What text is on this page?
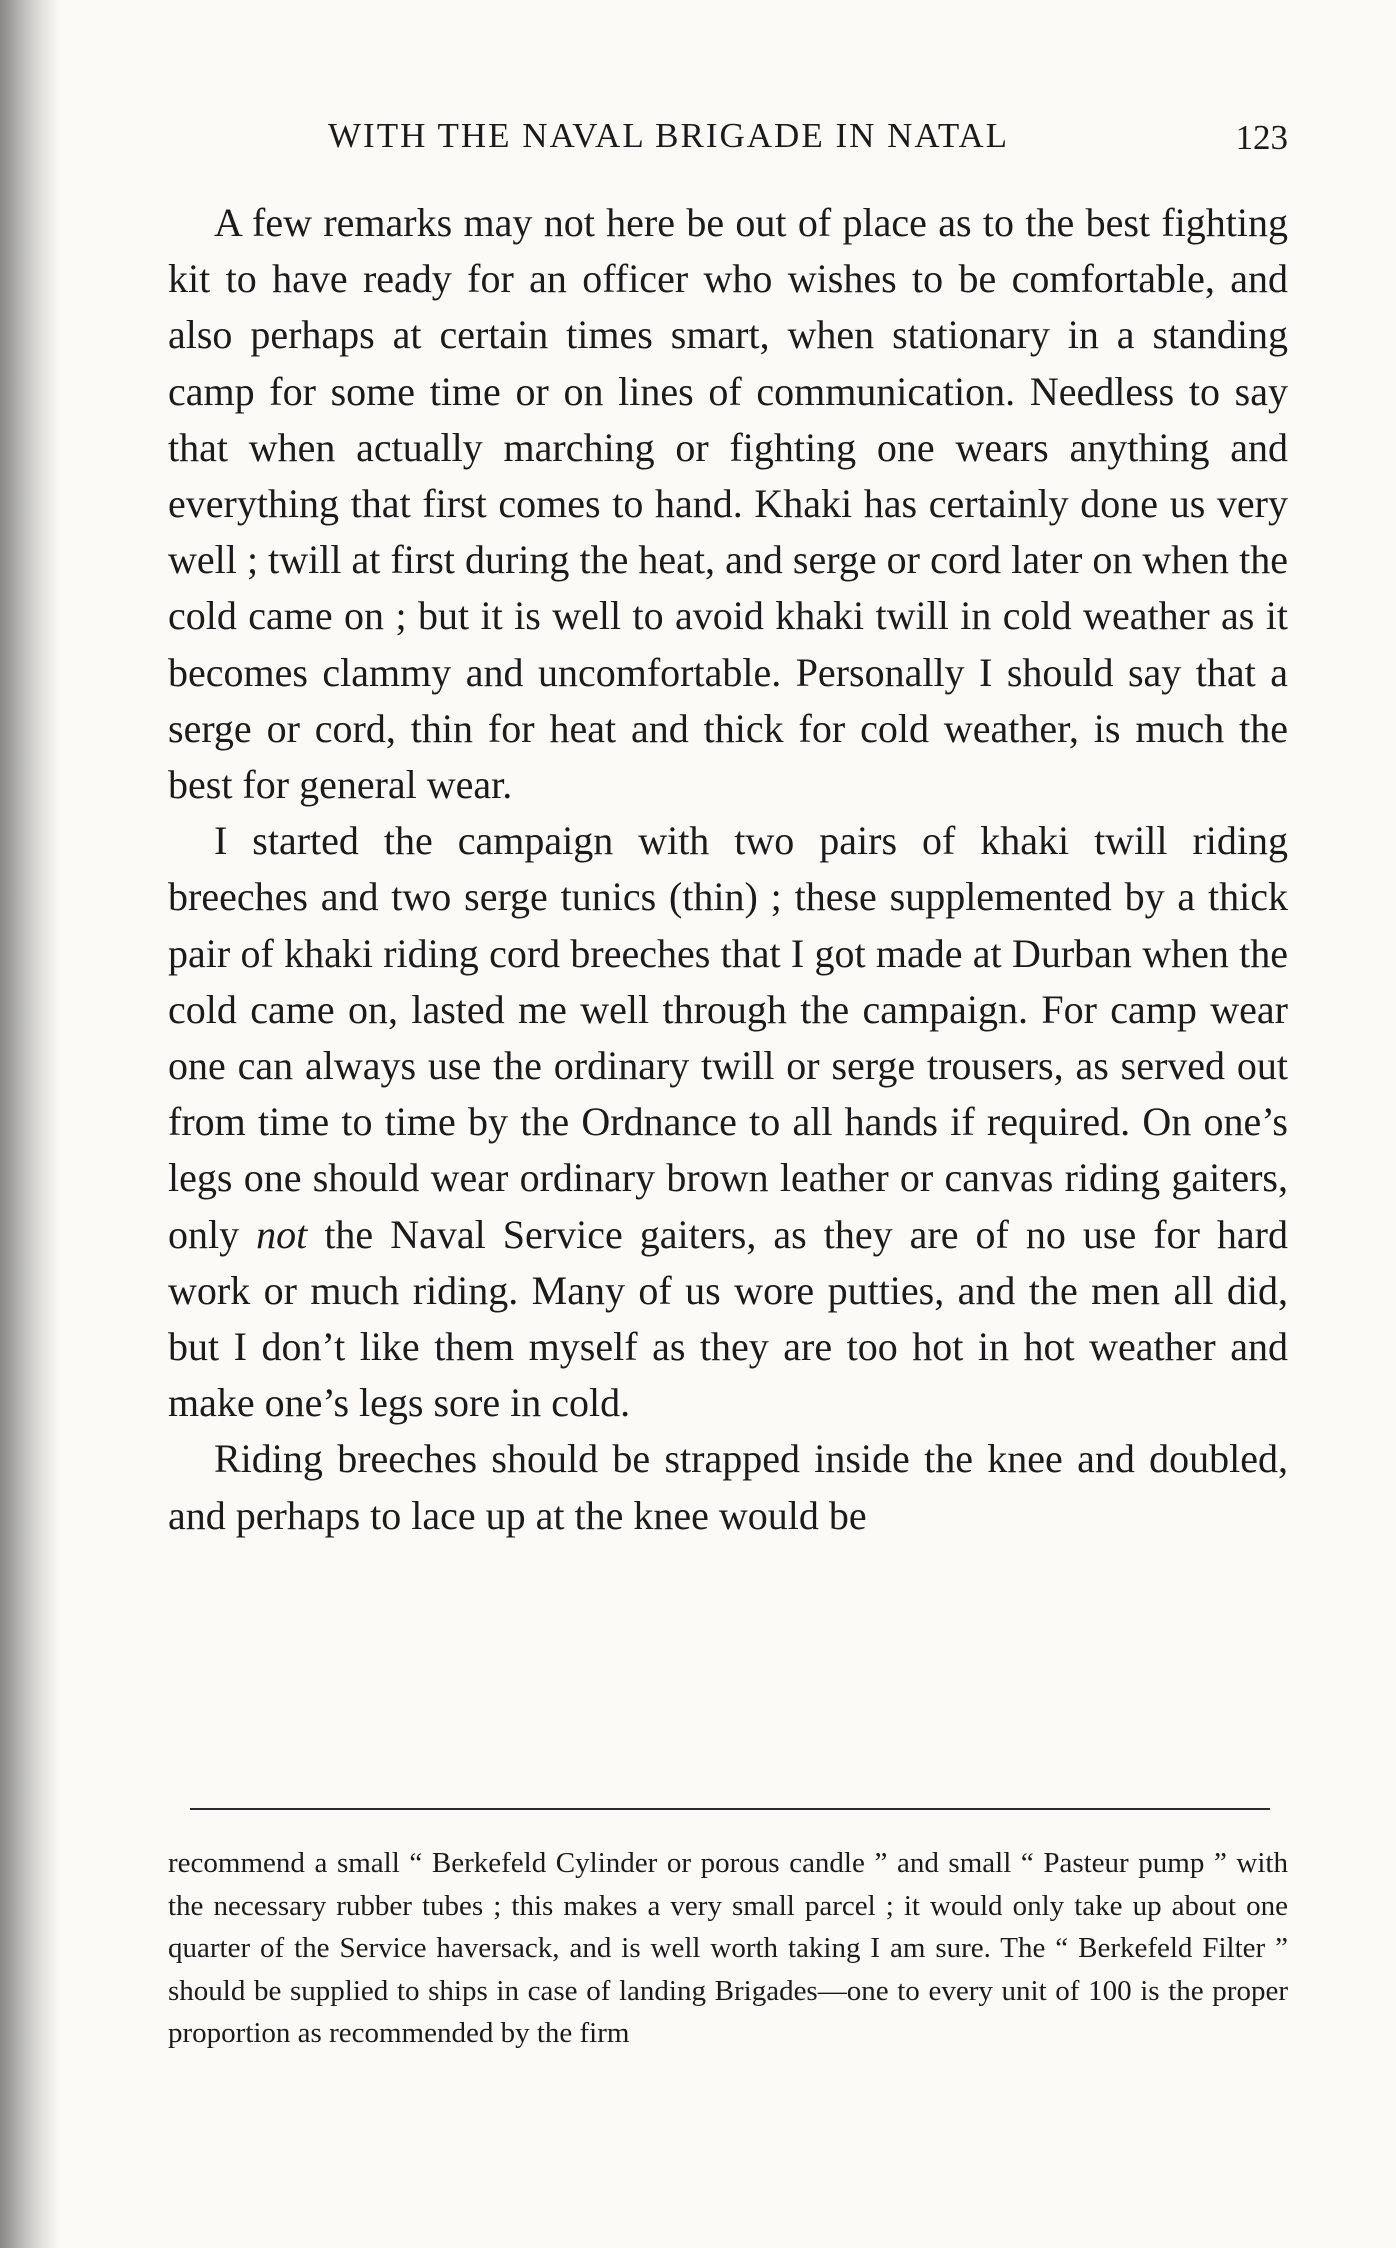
WITH THE NAVAL BRIGADE IN NATAL	123

A few remarks may not here be out of place as to the best fighting kit to have ready for an officer who wishes to be comfortable, and also perhaps at certain times smart, when stationary in a standing camp for some time or on lines of communication. Needless to say that when actually marching or fighting one wears anything and everything that first comes to hand. Khaki has certainly done us very well ; twill at first during the heat, and serge or cord later on when the cold came on ; but it is well to avoid khaki twill in cold weather as it becomes clammy and uncomfortable. Personally I should say that a serge or cord, thin for heat and thick for cold weather, is much the best for general wear.

I started the campaign with two pairs of khaki twill riding breeches and two serge tunics (thin) ; these supplemented by a thick pair of khaki riding cord breeches that I got made at Durban when the cold came on, lasted me well through the campaign. For camp wear one can always use the ordinary twill or serge trousers, as served out from time to time by the Ordnance to all hands if required. On one’s legs one should wear ordinary brown leather or canvas riding gaiters, only not the Naval Service gaiters, as they are of no use for hard work or much riding. Many of us wore putties, and the men all did, but I don’t like them myself as they are too hot in hot weather and make one’s legs sore in cold.

Riding breeches should be strapped inside the knee and doubled, and perhaps to lace up at the knee would be

recommend a small “ Berkefeld Cylinder or porous candle ” and small “ Pasteur pump ” with the necessary rubber tubes ; this makes a very small parcel ; it would only take up about one quarter of the Service haversack, and is well worth taking I am sure. The “ Berkefeld Filter ” should be supplied to ships in case of landing Brigades—one to every unit of 100 is the proper proportion as recommended by the firm
